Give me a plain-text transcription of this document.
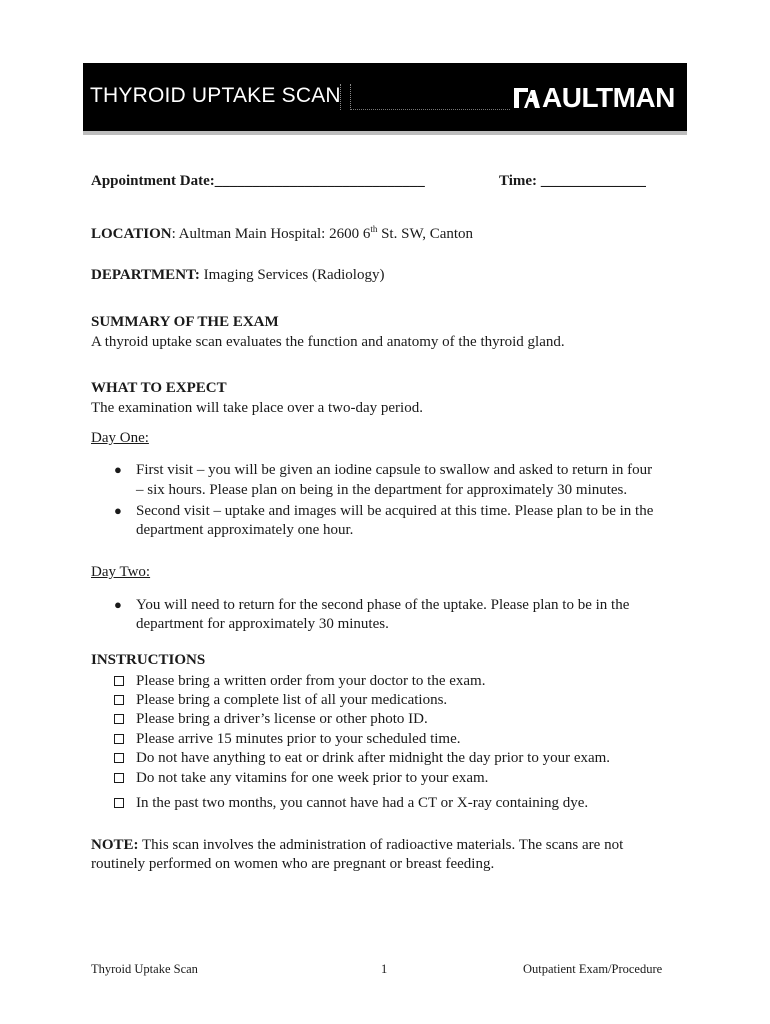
THYROID UPTAKE SCAN	AULTMAN
Appointment Date:____________________________	Time: ______________
LOCATION: Aultman Main Hospital: 2600 6th St. SW, Canton
DEPARTMENT: Imaging Services (Radiology)
SUMMARY OF THE EXAM
A thyroid uptake scan evaluates the function and anatomy of the thyroid gland.
WHAT TO EXPECT
The examination will take place over a two-day period.
Day One:
● First visit – you will be given an iodine capsule to swallow and asked to return in four
– six hours. Please plan on being in the department for approximately 30 minutes.
● Second visit – uptake and images will be acquired at this time. Please plan to be in the
department approximately one hour.
Day Two:
● You will need to return for the second phase of the uptake. Please plan to be in the
department for approximately 30 minutes.
INSTRUCTIONS
Please bring a written order from your doctor to the exam.
Please bring a complete list of all your medications.
Please bring a driver’s license or other photo ID.
Please arrive 15 minutes prior to your scheduled time.
Do not have anything to eat or drink after midnight the day prior to your exam.
Do not take any vitamins for one week prior to your exam.
In the past two months, you cannot have had a CT or X-ray containing dye.
NOTE: This scan involves the administration of radioactive materials. The scans are not
routinely performed on women who are pregnant or breast feeding.
Thyroid Uptake Scan	1	Outpatient Exam/Procedure
